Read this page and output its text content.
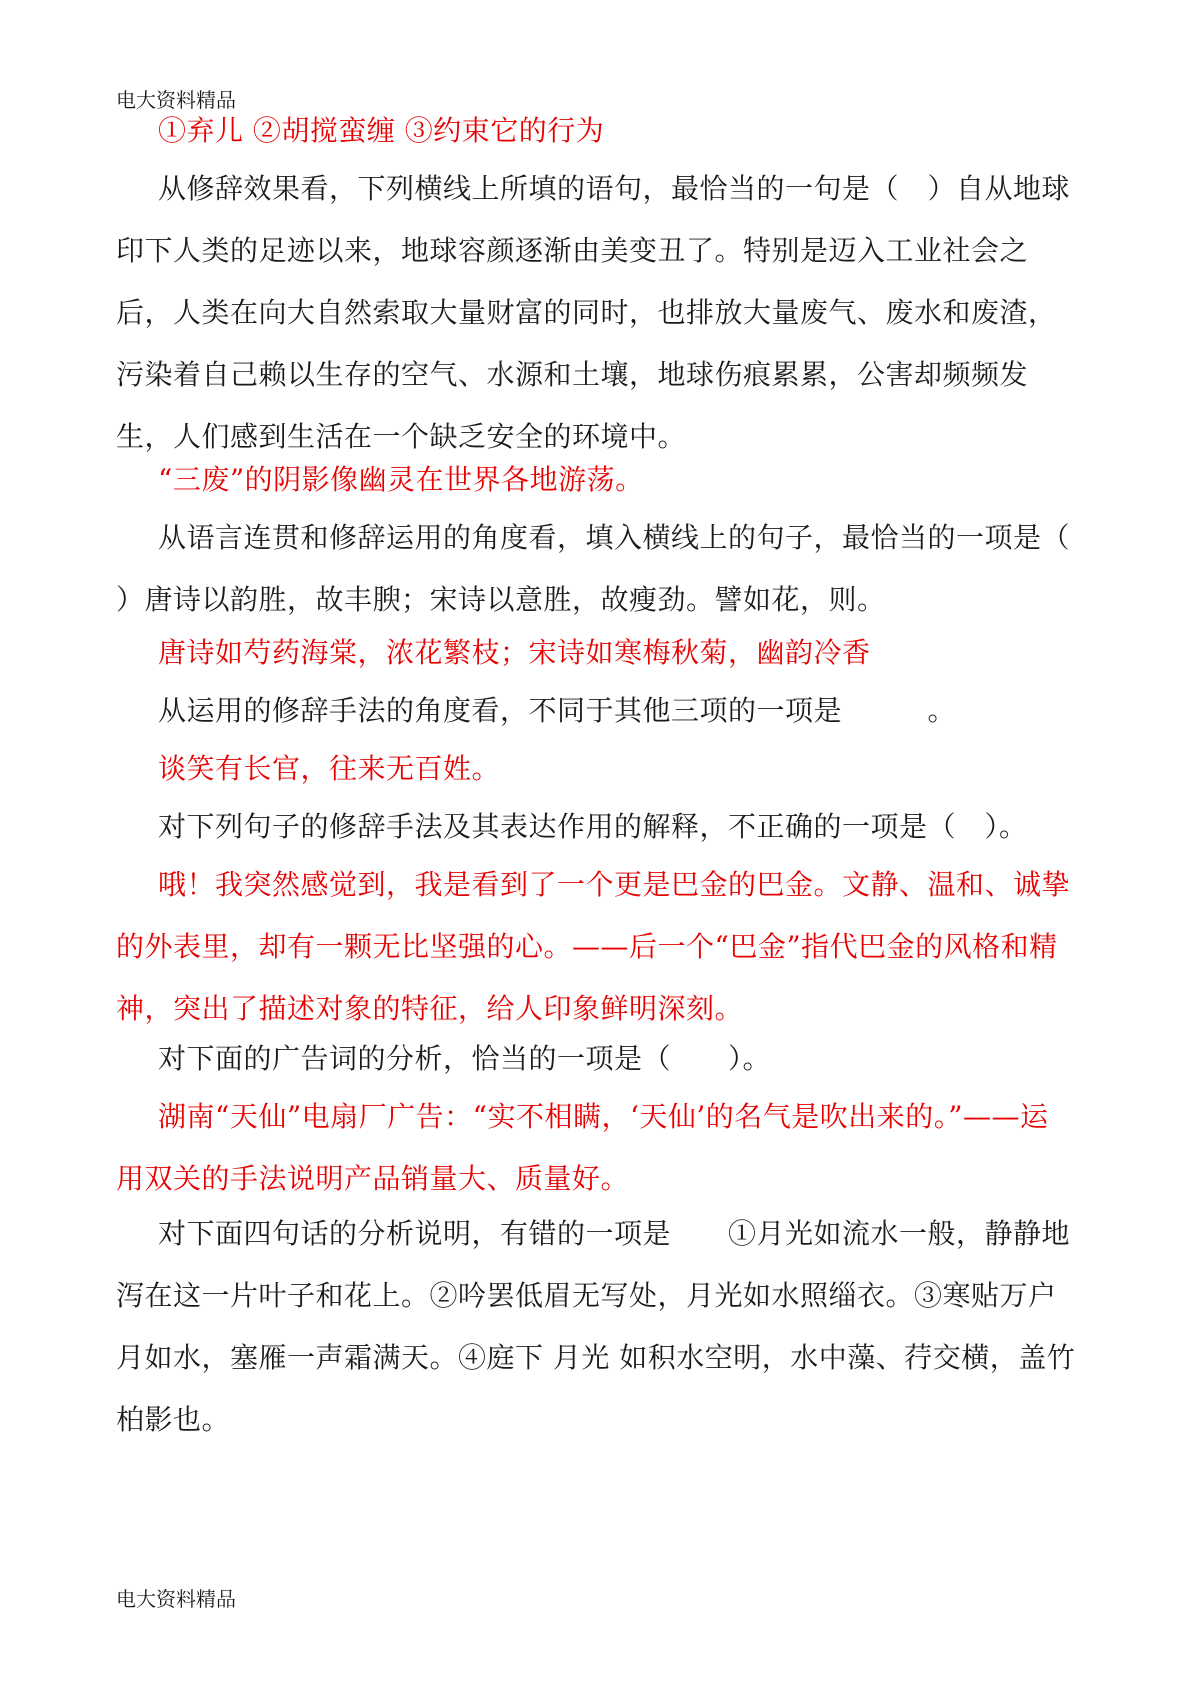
电大资料精品
①弃儿 ②胡搅蛮缠 ③约束它的行为
从修辞效果看，下列横线上所填的语句，最恰当的一句是（　）自从地球印下人类的足迹以来，地球容颜逐渐由美变丑了。特别是迈入工业社会之后，人类在向大自然索取大量财富的同时，也排放大量废气、废水和废渣，污染着自己赖以生存的空气、水源和土壤，地球伤痕累累，公害却频频发生，人们感到生活在一个缺乏安全的环境中。
“三废”的阴影像幽灵在世界各地游荡。
从语言连贯和修辞运用的角度看，填入横线上的句子，最恰当的一项是（ ）唐诗以韵胜，故丰腴；宋诗以意胜，故瘦劲。譬如花，则。
唐诗如芍药海棠，浓花繁枝；宋诗如寒梅秋菊，幽韵冷香
从运用的修辞手法的角度看，不同于其他三项的一项是　　　。
谈笑有长官，往来无百姓。
对下列句子的修辞手法及其表达作用的解释，不正确的一项是（　）。
哦！我突然感觉到，我是看到了一个更是巴金的巴金。文静、温和、诚挚的外表里，却有一颗无比坚强的心。——后一个“巴金”指代巴金的风格和精神，突出了描述对象的特征，给人印象鲜明深刻。
对下面的广告词的分析，恰当的一项是（　　）。
湖南“天仙”电扇厂广告：“实不相瞒，‘天仙’的名气是吹出来的。”——运用双关的手法说明产品销量大、质量好。
对下面四句话的分析说明，有错的一项是　　①月光如流水一般，静静地泻在这一片叶子和花上。②吟罢低眉无写处，月光如水照缁衣。③寒贴万户月如水，塞雁一声霜满天。④庭下 月光 如积水空明，水中藻、荇交横，盖竹柏影也。
电大资料精品
